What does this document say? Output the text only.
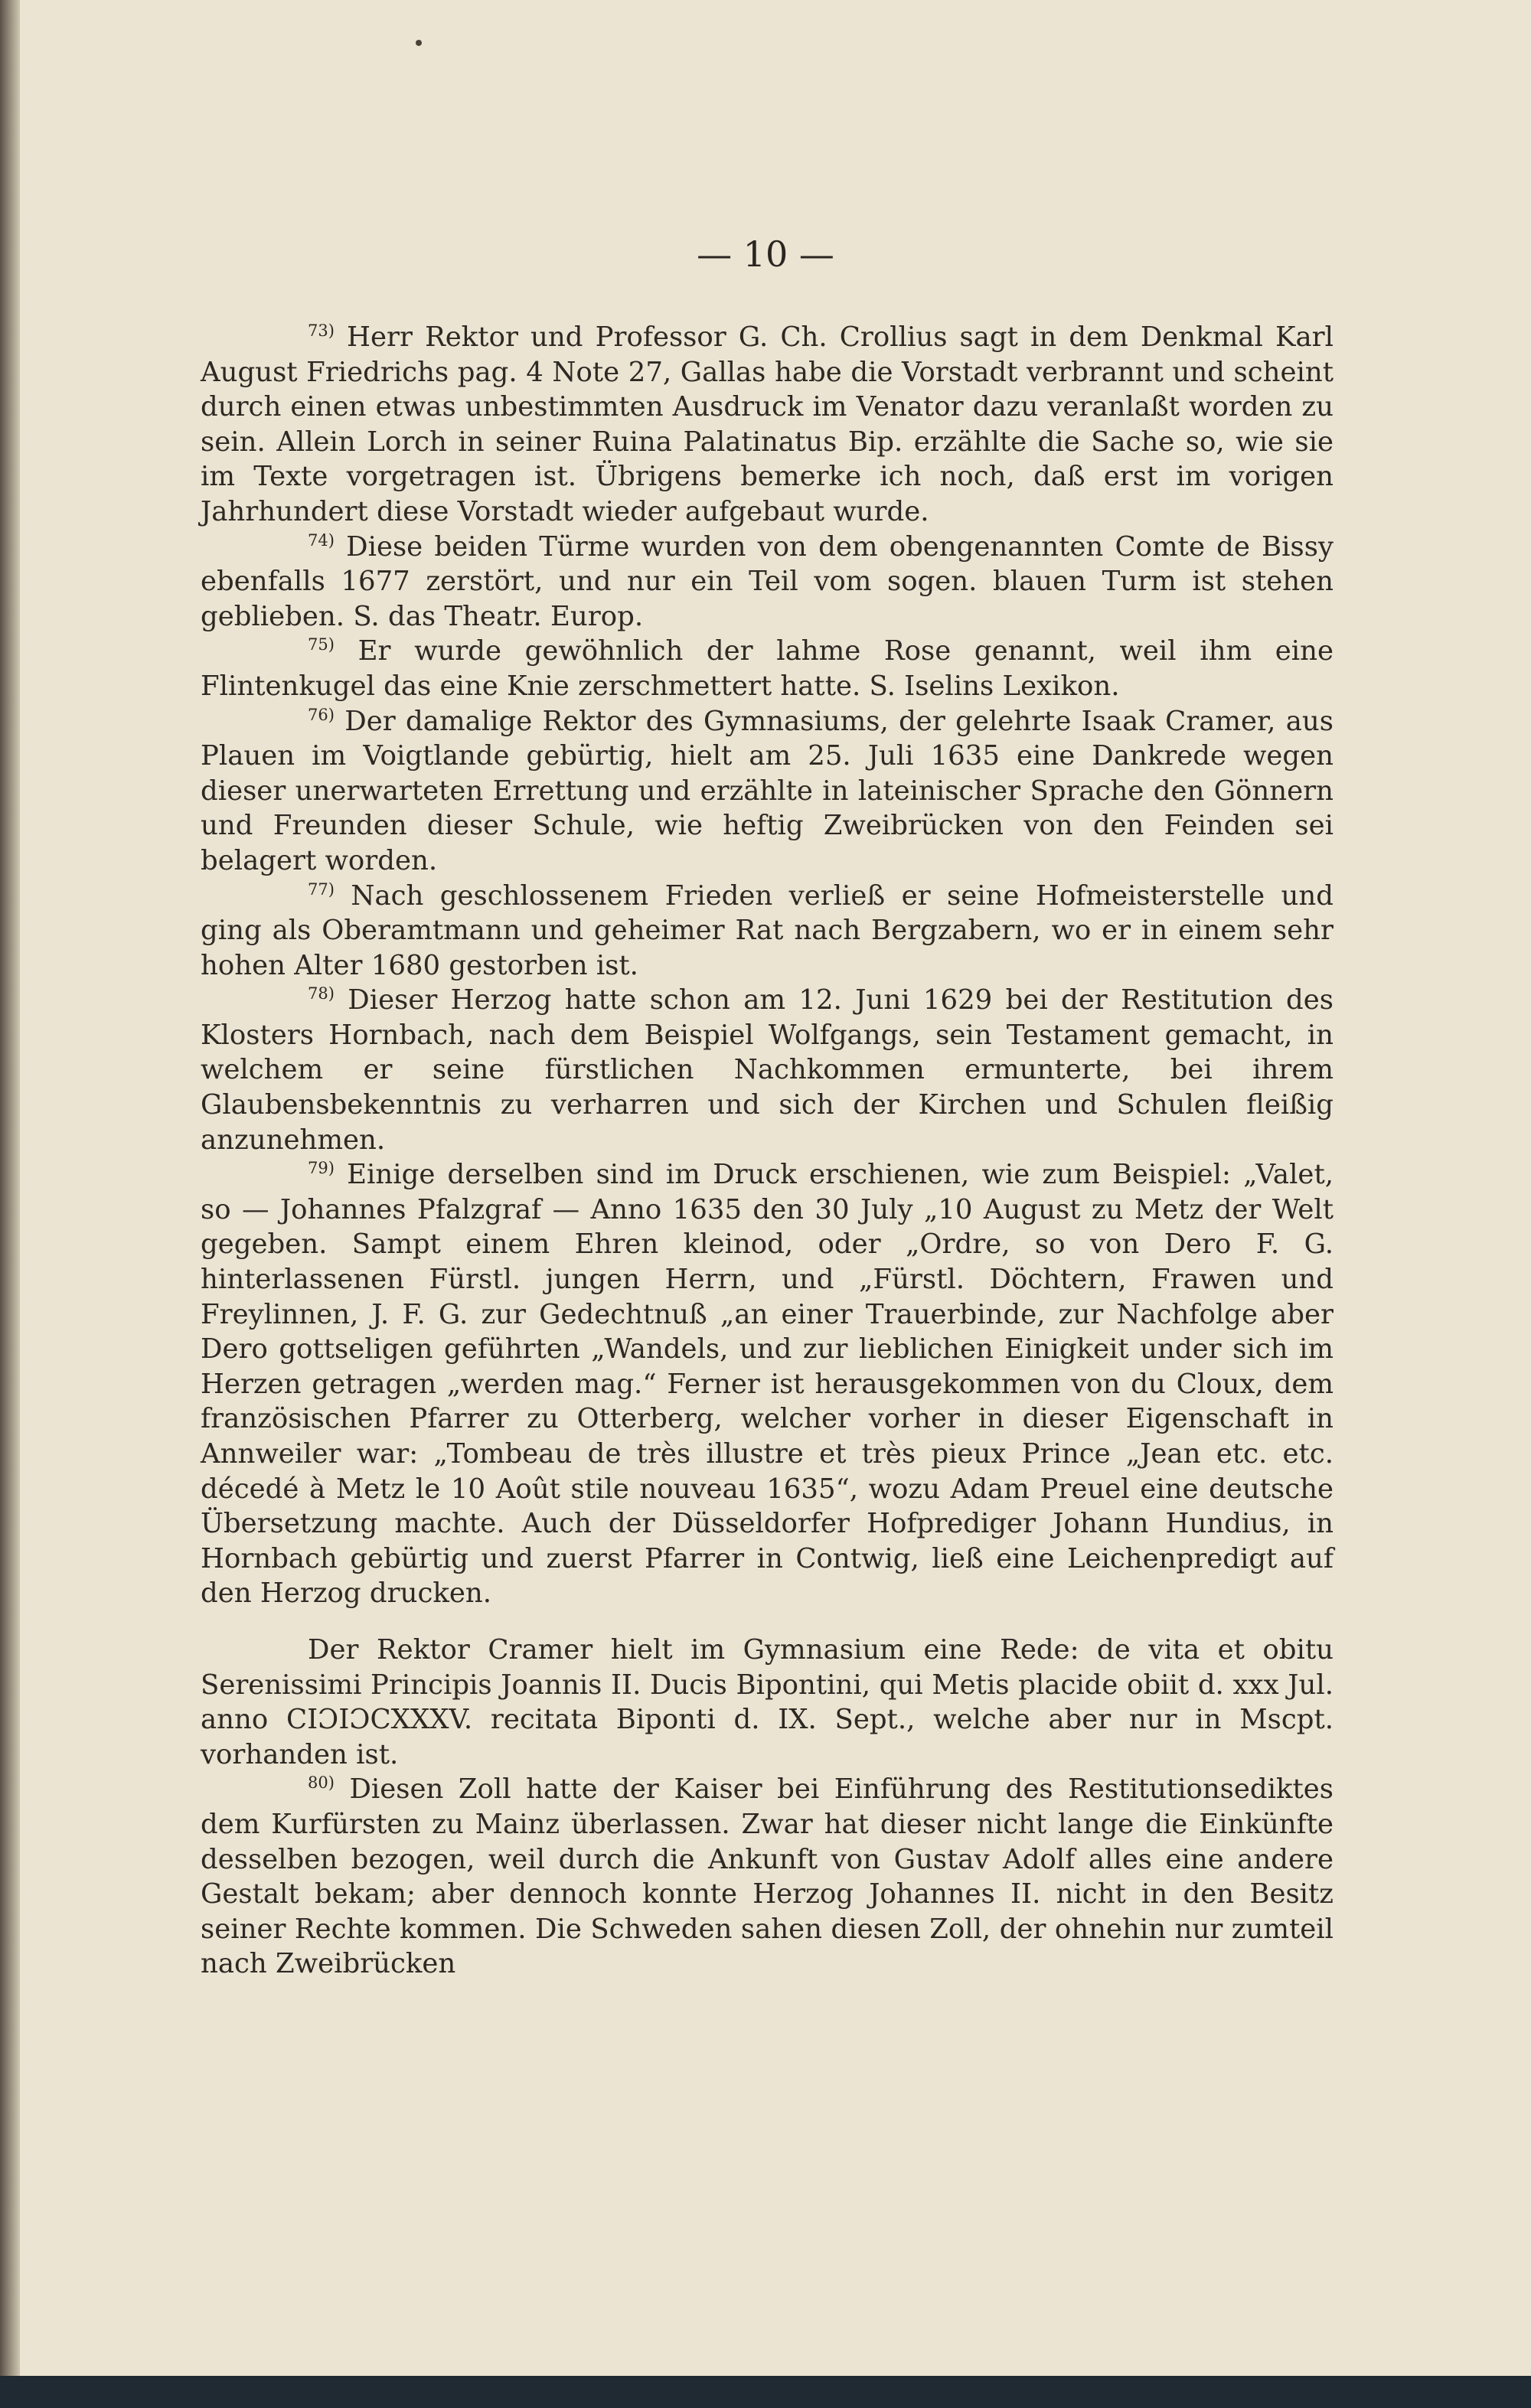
— 10 —

$^{73)}$ Herr Rektor und Professor G. Ch. Crollius sagt in dem Denkmal Karl August Friedrichs pag. 4 Note 27, Gallas habe die Vorstadt verbrannt und scheint durch einen etwas unbestimmten Ausdruck im Venator dazu veranlaßt worden zu sein. Allein Lorch in seiner Ruina Palatinatus Bip. erzählte die Sache so, wie sie im Texte vorgetragen ist. Übrigens bemerke ich noch, daß erst im vorigen Jahrhundert diese Vorstadt wieder aufgebaut wurde.

$^{74)}$ Diese beiden Türme wurden von dem obengenannten Comte de Bissy ebenfalls 1677 zerstört, und nur ein Teil vom sogen. blauen Turm ist stehen geblieben. S. das Theatr. Europ.

$^{75)}$ Er wurde gewöhnlich der lahme Rose genannt, weil ihm eine Flintenkugel das eine Knie zerschmettert hatte. S. Iselins Lexikon.

$^{76)}$ Der damalige Rektor des Gymnasiums, der gelehrte Isaak Cramer, aus Plauen im Voigtlande gebürtig, hielt am 25. Juli 1635 eine Dankrede wegen dieser unerwarteten Errettung und erzählte in lateinischer Sprache den Gönnern und Freunden dieser Schule, wie heftig Zweibrücken von den Feinden sei belagert worden.

$^{77)}$ Nach geschlossenem Frieden verließ er seine Hofmeisterstelle und ging als Oberamtmann und geheimer Rat nach Bergzabern, wo er in einem sehr hohen Alter 1680 gestorben ist.

$^{78)}$ Dieser Herzog hatte schon am 12. Juni 1629 bei der Restitution des Klosters Hornbach, nach dem Beispiel Wolfgangs, sein Testament gemacht, in welchem er seine fürstlichen Nachkommen ermunterte, bei ihrem Glaubensbekenntnis zu verharren und sich der Kirchen und Schulen fleißig anzunehmen.

$^{79)}$ Einige derselben sind im Druck erschienen, wie zum Beispiel: „Valet, so — Johannes Pfalzgraf — Anno 1635 den 30 July „10 August zu Metz der Welt gegeben. Sampt einem Ehren kleinod, oder „Ordre, so von Dero F. G. hinterlassenen Fürstl. jungen Herrn, und „Fürstl. Döchtern, Frawen und Freylinnen, J. F. G. zur Gedechtnuß „an einer Trauerbinde, zur Nachfolge aber Dero gottseligen geführten „Wandels, und zur lieblichen Einigkeit under sich im Herzen getragen „werden mag.“ Ferner ist herausgekommen von du Cloux, dem französischen Pfarrer zu Otterberg, welcher vorher in dieser Eigenschaft in Annweiler war: „Tombeau de très illustre et très pieux Prince „Jean etc. etc. décedé à Metz le 10 Août stile nouveau 1635“, wozu Adam Preuel eine deutsche Übersetzung machte. Auch der Düsseldorfer Hofprediger Johann Hundius, in Hornbach gebürtig und zuerst Pfarrer in Contwig, ließ eine Leichenpredigt auf den Herzog drucken.

Der Rektor Cramer hielt im Gymnasium eine Rede: de vita et obitu Serenissimi Principis Joannis II. Ducis Bipontini, qui Metis placide obiit d. xxx Jul. anno CIƆIƆCXXXV. recitata Biponti d. IX. Sept., welche aber nur in Mscpt. vorhanden ist.

$^{80)}$ Diesen Zoll hatte der Kaiser bei Einführung des Restitutionsediktes dem Kurfürsten zu Mainz überlassen. Zwar hat dieser nicht lange die Einkünfte desselben bezogen, weil durch die Ankunft von Gustav Adolf alles eine andere Gestalt bekam; aber dennoch konnte Herzog Johannes II. nicht in den Besitz seiner Rechte kommen. Die Schweden sahen diesen Zoll, der ohnehin nur zumteil nach Zweibrücken
